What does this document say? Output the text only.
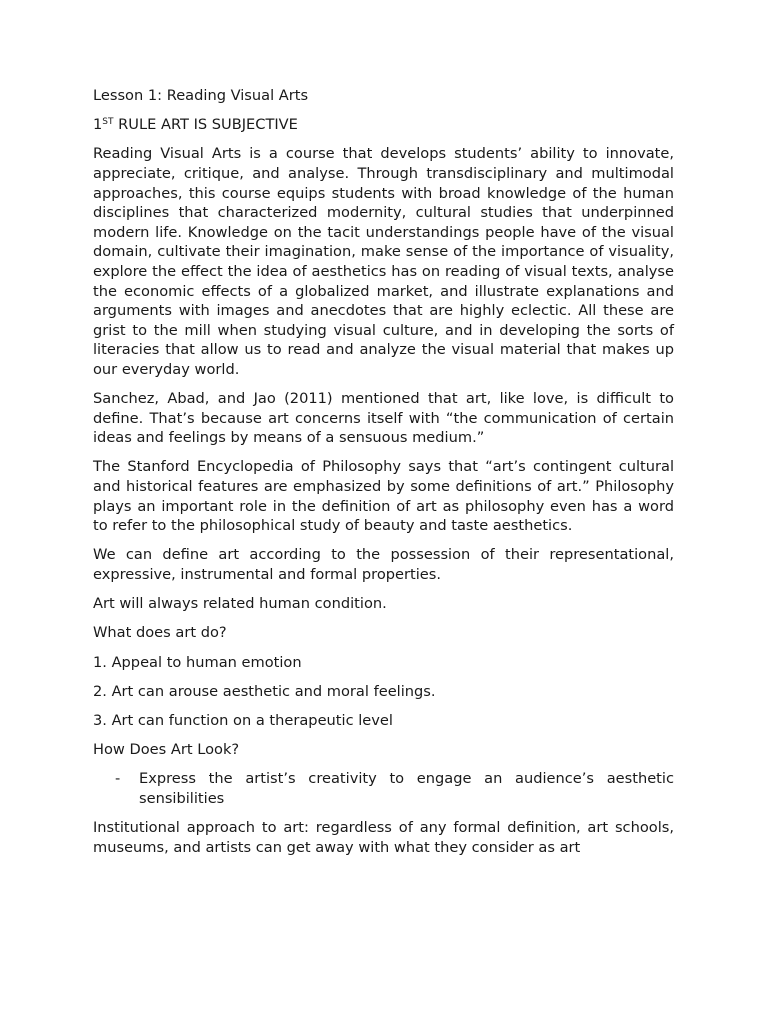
Lesson 1: Reading Visual Arts

1ST RULE ART IS SUBJECTIVE

Reading Visual Arts is a course that develops students’ ability to innovate, appreciate, critique, and analyse. Through transdisciplinary and multimodal approaches, this course equips students with broad knowledge of the human disciplines that characterized modernity, cultural studies that underpinned modern life. Knowledge on the tacit understandings people have of the visual domain, cultivate their imagination, make sense of the importance of visuality, explore the effect the idea of aesthetics has on reading of visual texts, analyse the economic effects of a globalized market, and illustrate explanations and arguments with images and anecdotes that are highly eclectic. All these are grist to the mill when studying visual culture, and in developing the sorts of literacies that allow us to read and analyze the visual material that makes up our everyday world.

Sanchez, Abad, and Jao (2011) mentioned that art, like love, is difficult to define. That’s because art concerns itself with “the communication of certain ideas and feelings by means of a sensuous medium.”

The Stanford Encyclopedia of Philosophy says that “art’s contingent cultural and historical features are emphasized by some definitions of art.” Philosophy plays an important role in the definition of art as philosophy even has a word to refer to the philosophical study of beauty and taste aesthetics.

We can define art according to the possession of their representational, expressive, instrumental and formal properties.

Art will always related human condition.

What does art do?

1. Appeal to human emotion

2. Art can arouse aesthetic and moral feelings.

3. Art can function on a therapeutic level

How Does Art Look?

- Express the artist’s creativity to engage an audience’s aesthetic sensibilities

Institutional approach to art: regardless of any formal definition, art schools, museums, and artists can get away with what they consider as art
